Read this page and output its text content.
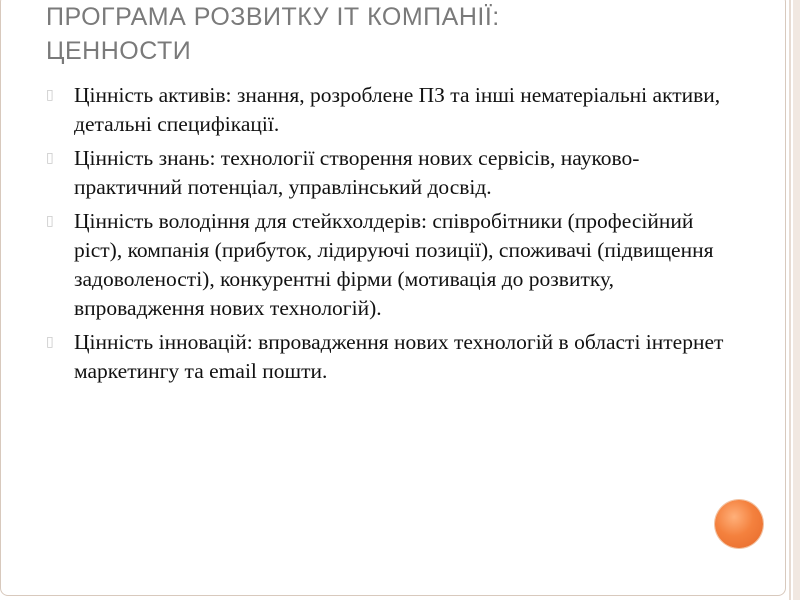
ПРОГРАМА РОЗВИТКУ ІТ КОМПАНІЇ:
ЦЕННОСТИ
▯ Цінність активів: знання, розроблене ПЗ та інші нематеріальні активи, детальні специфікації.
▯ Цінність знань: технології створення нових сервісів, науково-практичний потенціал, управлінський досвід.
▯ Цінність володіння для стейкхолдерів: співробітники (професійний ріст), компанія (прибуток, лідируючі позиції), споживачі (підвищення задоволеності), конкурентні фірми (мотивація до розвитку, впровадження нових технологій).
▯ Цінність інновацій: впровадження нових технологій в області інтернет маркетингу та email пошти.
